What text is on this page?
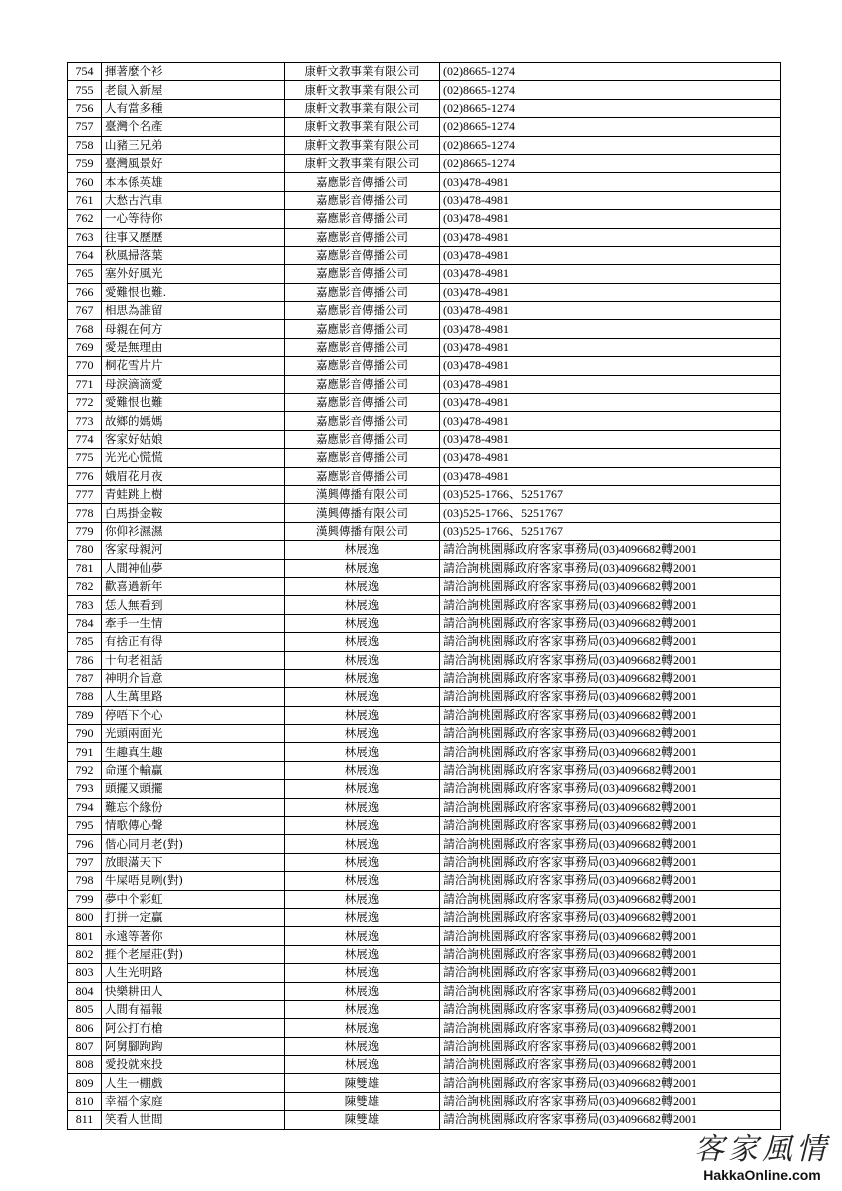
754	揮著麼个衫	康軒文教事業有限公司	(02)8665-1274
755	老鼠入新屋	康軒文教事業有限公司	(02)8665-1274
756	人有當多種	康軒文教事業有限公司	(02)8665-1274
757	臺灣个名產	康軒文教事業有限公司	(02)8665-1274
758	山豬三兄弟	康軒文教事業有限公司	(02)8665-1274
759	臺灣風景好	康軒文教事業有限公司	(02)8665-1274
760	本本係英雄	嘉應影音傳播公司	(03)478-4981
761	大愁古汽車	嘉應影音傳播公司	(03)478-4981
762	一心等待你	嘉應影音傳播公司	(03)478-4981
763	往事又歷歷	嘉應影音傳播公司	(03)478-4981
764	秋風掃落葉	嘉應影音傳播公司	(03)478-4981
765	塞外好風光	嘉應影音傳播公司	(03)478-4981
766	愛難恨也難.	嘉應影音傳播公司	(03)478-4981
767	相思為誰留	嘉應影音傳播公司	(03)478-4981
768	母親在何方	嘉應影音傳播公司	(03)478-4981
769	愛是無理由	嘉應影音傳播公司	(03)478-4981
770	桐花雪片片	嘉應影音傳播公司	(03)478-4981
771	母淚滴滴愛	嘉應影音傳播公司	(03)478-4981
772	愛難恨也難	嘉應影音傳播公司	(03)478-4981
773	故鄉的媽媽	嘉應影音傳播公司	(03)478-4981
774	客家好姑娘	嘉應影音傳播公司	(03)478-4981
775	光光心慌慌	嘉應影音傳播公司	(03)478-4981
776	娥眉花月夜	嘉應影音傳播公司	(03)478-4981
777	青蛙跳上樹	漢興傳播有限公司	(03)525-1766、5251767
778	白馬掛金鞍	漢興傳播有限公司	(03)525-1766、5251767
779	你仰衫濕濕	漢興傳播有限公司	(03)525-1766、5251767
780	客家母親河	林展逸	請洽詢桃園縣政府客家事務局(03)4096682轉2001
781	人間神仙夢	林展逸	請洽詢桃園縣政府客家事務局(03)4096682轉2001
782	歡喜過新年	林展逸	請洽詢桃園縣政府客家事務局(03)4096682轉2001
783	恁人無看到	林展逸	請洽詢桃園縣政府客家事務局(03)4096682轉2001
784	牽手一生情	林展逸	請洽詢桃園縣政府客家事務局(03)4096682轉2001
785	有捨正有得	林展逸	請洽詢桃園縣政府客家事務局(03)4096682轉2001
786	十句老祖話	林展逸	請洽詢桃園縣政府客家事務局(03)4096682轉2001
787	神明介旨意	林展逸	請洽詢桃園縣政府客家事務局(03)4096682轉2001
788	人生萬里路	林展逸	請洽詢桃園縣政府客家事務局(03)4096682轉2001
789	停唔下个心	林展逸	請洽詢桃園縣政府客家事務局(03)4096682轉2001
790	光頭兩面光	林展逸	請洽詢桃園縣政府客家事務局(03)4096682轉2001
791	生趣真生趣	林展逸	請洽詢桃園縣政府客家事務局(03)4096682轉2001
792	命運个輸贏	林展逸	請洽詢桃園縣政府客家事務局(03)4096682轉2001
793	頭擺又頭擺	林展逸	請洽詢桃園縣政府客家事務局(03)4096682轉2001
794	難忘个緣份	林展逸	請洽詢桃園縣政府客家事務局(03)4096682轉2001
795	情歌傳心聲	林展逸	請洽詢桃園縣政府客家事務局(03)4096682轉2001
796	偕心同月老(對)	林展逸	請洽詢桃園縣政府客家事務局(03)4096682轉2001
797	放眼滿天下	林展逸	請洽詢桃園縣政府客家事務局(03)4096682轉2001
798	牛屎唔見咧(對)	林展逸	請洽詢桃園縣政府客家事務局(03)4096682轉2001
799	夢中个彩虹	林展逸	請洽詢桃園縣政府客家事務局(03)4096682轉2001
800	打拼一定贏	林展逸	請洽詢桃園縣政府客家事務局(03)4096682轉2001
801	永遠等著你	林展逸	請洽詢桃園縣政府客家事務局(03)4096682轉2001
802	捱个老屋莊(對)	林展逸	請洽詢桃園縣政府客家事務局(03)4096682轉2001
803	人生光明路	林展逸	請洽詢桃園縣政府客家事務局(03)4096682轉2001
804	快樂耕田人	林展逸	請洽詢桃園縣政府客家事務局(03)4096682轉2001
805	人間有福報	林展逸	請洽詢桃園縣政府客家事務局(03)4096682轉2001
806	阿公打冇槍	林展逸	請洽詢桃園縣政府客家事務局(03)4096682轉2001
807	阿舅腳跔跔	林展逸	請洽詢桃園縣政府客家事務局(03)4096682轉2001
808	愛投就來投	林展逸	請洽詢桃園縣政府客家事務局(03)4096682轉2001
809	人生一棚戲	陳雙雄	請洽詢桃園縣政府客家事務局(03)4096682轉2001
810	幸福个家庭	陳雙雄	請洽詢桃園縣政府客家事務局(03)4096682轉2001
811	笑看人世間	陳雙雄	請洽詢桃園縣政府客家事務局(03)4096682轉2001
客家風情
HakkaOnline.com
